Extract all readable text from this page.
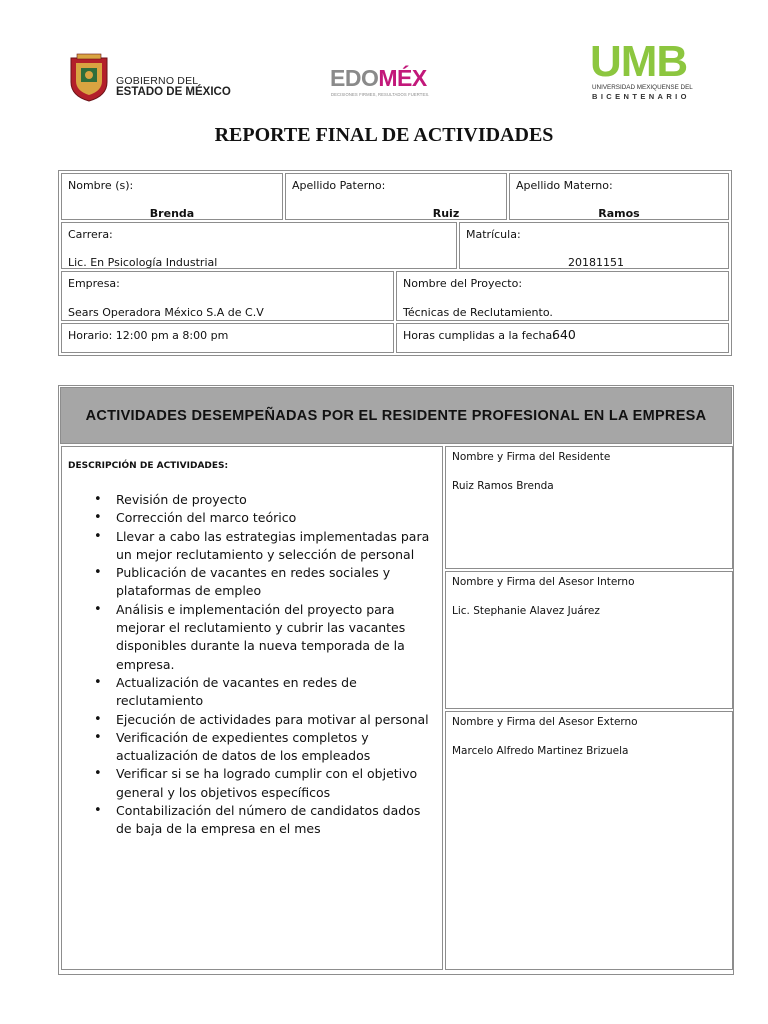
GOBIERNO DEL
ESTADO DE MÉXICO
EDOMÉX
DECISIONES FIRMES, RESULTADOS FUERTES.
UMB
UNIVERSIDAD MEXIQUENSE DEL
BICENTENARIO
REPORTE FINAL DE ACTIVIDADES
Nombre (s):
Brenda
Apellido Paterno:
Ruiz
Apellido Materno:
Ramos
Carrera:
Lic. En Psicología Industrial
Matrícula:
20181151
Empresa:
Sears Operadora México S.A de C.V
Nombre del Proyecto:
Técnicas de Reclutamiento.
Horario: 12:00 pm a 8:00 pm	Horas cumplidas a la fecha:
640
ACTIVIDADES DESEMPEÑADAS POR EL RESIDENTE PROFESIONAL EN LA EMPRESA
DESCRIPCIÓN DE ACTIVIDADES:
• Revisión de proyecto
• Corrección del marco teórico
• Llevar a cabo las estrategias implementadas para un mejor reclutamiento y selección de personal
• Publicación de vacantes en redes sociales y plataformas de empleo
• Análisis e implementación del proyecto para mejorar el reclutamiento y cubrir las vacantes disponibles durante la nueva temporada de la empresa.
• Actualización de vacantes en redes de reclutamiento
• Ejecución de actividades para motivar al personal
• Verificación de expedientes completos y actualización de datos de los empleados
• Verificar si se ha logrado cumplir con el objetivo general y los objetivos específicos
• Contabilización del número de candidatos dados de baja de la empresa en el mes
Nombre y Firma del Residente
Ruiz Ramos Brenda
Nombre y Firma del Asesor Interno
Lic. Stephanie Alavez Juárez
Nombre y Firma del Asesor Externo
Marcelo Alfredo Martinez Brizuela
